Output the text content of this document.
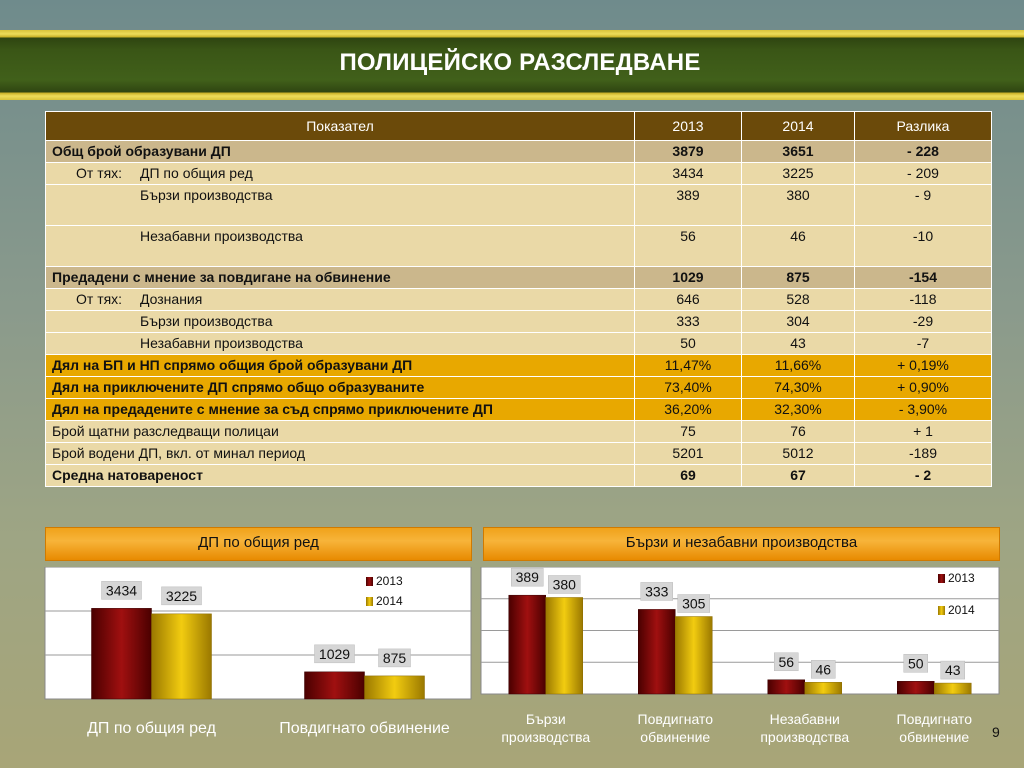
ПОЛИЦЕЙСКО РАЗСЛЕДВАНЕ
Показател	2013	2014	Разлика
Общ брой образувани ДП	3879	3651	- 228
От тях: ДП по общия ред	3434	3225	- 209
Бързи производства	389	380	- 9
Незабавни производства	56	46	-10
Предадени с мнение за повдигане на обвинение	1029	875	-154
От тях: Дознания	646	528	-118
Бързи производства	333	304	-29
Незабавни производства	50	43	-7
Дял на БП и НП спрямо общия брой образувани ДП	11,47%	11,66%	+ 0,19%
Дял на приключените ДП спрямо общо образуваните	73,40%	74,30%	+ 0,90%
Дял на предадените с мнение за съд спрямо приключените ДП	36,20%	32,30%	- 3,90%
Брой щатни разследващи полицаи	75	76	+ 1
Брой водени ДП, вкл. от минал период	5201	5012	-189
Средна натовареност	69	67	- 2
ДП по общия ред	Бързи и незабавни производства
3434 3225
ДП по общия ред
1029 875
Повдигнато обвинение
2013
2014
389 380
Бързи
производства
333
305
Повдигнато
обвинение
56 46
Незабавни
производства
50 43
Повдигнато
обвинение
2013
2014
9
